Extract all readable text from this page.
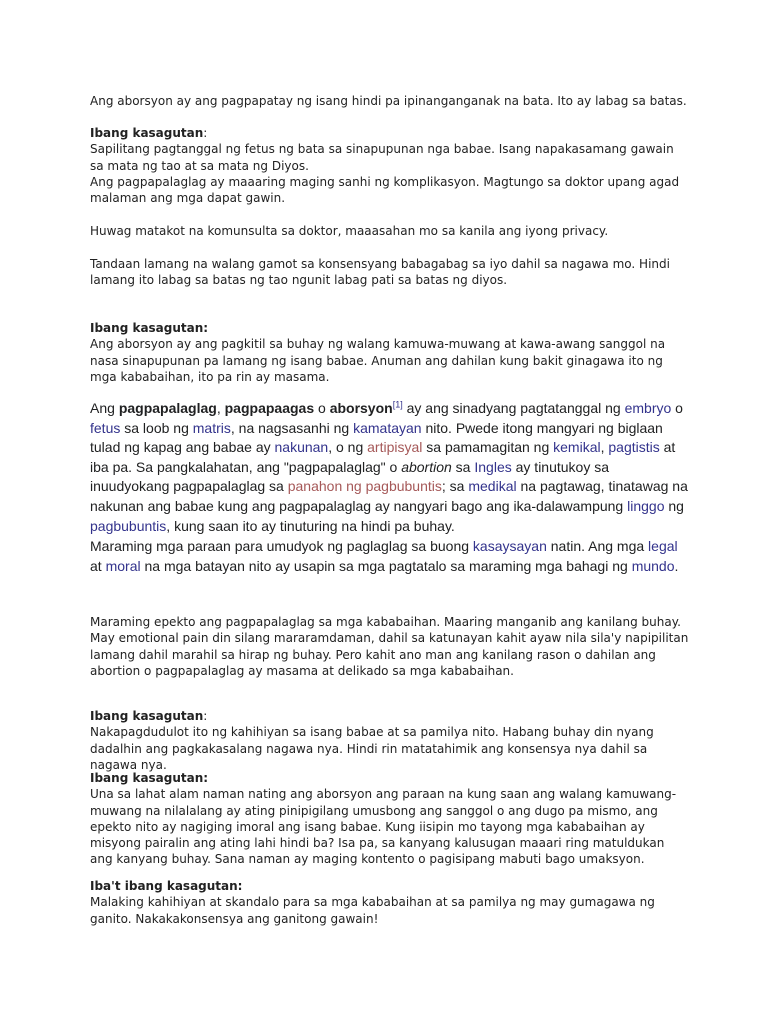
Ang aborsyon ay ang pagpapatay ng isang hindi pa ipinanganganak na bata. Ito ay labag sa batas.

Ibang kasagutan:
Sapilitang pagtanggal ng fetus ng bata sa sinapupunan nga babae. Isang napakasamang gawain sa mata ng tao at sa mata ng Diyos.
Ang pagpapalaglag ay maaaring maging sanhi ng komplikasyon. Magtungo sa doktor upang agad malaman ang mga dapat gawin.

Huwag matakot na komunsulta sa doktor, maaasahan mo sa kanila ang iyong privacy.

Tandaan lamang na walang gamot sa konsensyang babagabag sa iyo dahil sa nagawa mo. Hindi lamang ito labag sa batas ng tao ngunit labag pati sa batas ng diyos.

Ibang kasagutan:
Ang aborsyon ay ang pagkitil sa buhay ng walang kamuwa-muwang at kawa-awang sanggol na nasa sinapupunan pa lamang ng isang babae. Anuman ang dahilan kung bakit ginagawa ito ng mga kababaihan, ito pa rin ay masama.

Ang pagpapalaglag, pagpapaagas o aborsyon[1] ay ang sinadyang pagtatanggal ng embryo o fetus sa loob ng matris, na nagsasanhi ng kamatayan nito. Pwede itong mangyari ng biglaan tulad ng kapag ang babae ay nakunan, o ng artipisyal sa pamamagitan ng kemikal, pagtistis at iba pa. Sa pangkalahatan, ang "pagpapalaglag" o abortion sa Ingles ay tinutukoy sa inuudyokang pagpapalaglag sa panahon ng pagbubuntis; sa medikal na pagtawag, tinatawag na nakunan ang babae kung ang pagpapalaglag ay nangyari bago ang ika-dalawampung linggo ng pagbubuntis, kung saan ito ay tinuturing na hindi pa buhay.

Maraming mga paraan para umudyok ng paglaglag sa buong kasaysayan natin. Ang mga legal at moral na mga batayan nito ay usapin sa mga pagtatalo sa maraming mga bahagi ng mundo.

Maraming epekto ang pagpapalaglag sa mga kababaihan. Maaring manganib ang kanilang buhay. May emotional pain din silang mararamdaman, dahil sa katunayan kahit ayaw nila sila'y napipilitan lamang dahil marahil sa hirap ng buhay. Pero kahit ano man ang kanilang rason o dahilan ang abortion o pagpapalaglag ay masama at delikado sa mga kababaihan.

Ibang kasagutan:
Nakapagdudulot ito ng kahihiyan sa isang babae at sa pamilya nito. Habang buhay din nyang dadalhin ang pagkakasalang nagawa nya. Hindi rin matatahimik ang konsensya nya dahil sa nagawa nya.
Ibang kasagutan:
Una sa lahat alam naman nating ang aborsyon ang paraan na kung saan ang walang kamuwang-muwang na nilalalang ay ating pinipigilang umusbong ang sanggol o ang dugo pa mismo, ang epekto nito ay nagiging imoral ang isang babae. Kung iisipin mo tayong mga kababaihan ay misyong pairalin ang ating lahi hindi ba? Isa pa, sa kanyang kalusugan maaari ring matuldukan ang kanyang buhay. Sana naman ay maging kontento o pagisipang mabuti bago umaksyon.
Iba't ibang kasagutan:
Malaking kahihiyan at skandalo para sa mga kababaihan at sa pamilya ng may gumagawa ng ganito. Nakakakonsensya ang ganitong gawain!
